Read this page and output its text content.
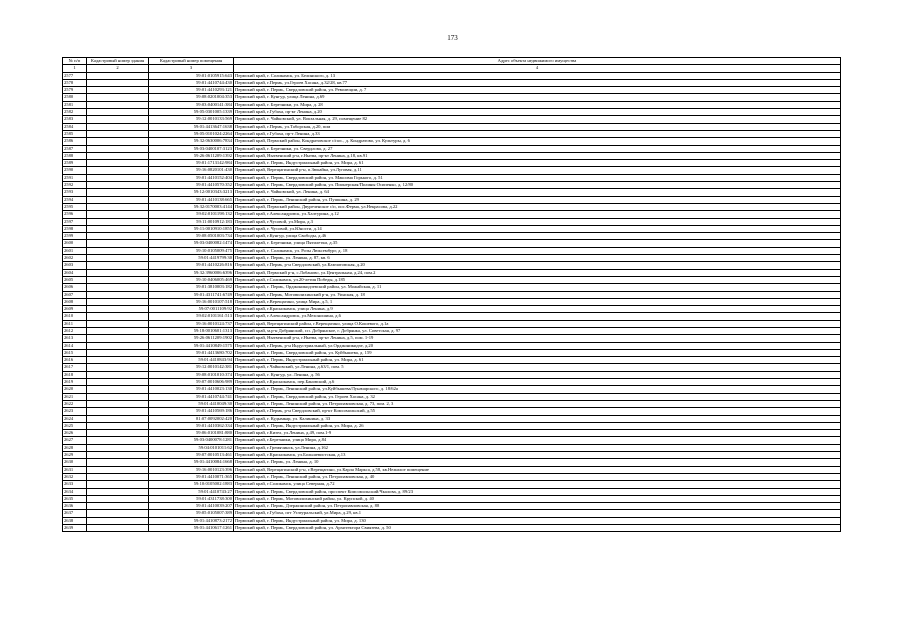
173
№ п/п	Кадастровый номер здания	Кадастровый номер помещения	Адрес объекта недвижимого имущества
1	2	3	4
2577		59:01:0105915:643	Пермский край, г. Соликамск, ул. Белинского, д. 13
2578		59:01:4410744:430	Пермский край, г.Пермь, ул.Героев Хасана, д.32/28, кв.77
2579		59:01:4410293:121	Пермский край, г. Пермь, Свердловский район, ул. Революции, д. 7
2580		59:08:0201004:353	Пермский край, г. Кунгур, улица Ленина, д.69
2581		59:03:0400141:384	Пермский край, г. Березники, ул. Мира, д. 28
2582		59:05:0301005:1339	Пермский край, г.Губаха, пр-кт Ленина, д.20
2583		59:12:0010133:569	Пермский край, г. Чайковский, ул. Вокзальная, д. 29, помещение 82
2584		59:01:4413647:1638	Пермский край, г.Пермь, ул.Таборская, д.20, пом
2585		59:05:0101024:2264	Пермский край, г.Губаха, пр-т Ленина, д.33
2586		59:32:0630006:7834	Пермский край, Пермский район, Кондратовское с/пос., д. Кондратово, ул. Культуры, д. 6
2587		59:03:0400107:3123	Пермский край, г. Березники, ул. Свердлова, д. 27
2588		59:26:0611209:1392	Пермский край, Нытвенский р-н, г.Нытва, пр-кт Ленина, д.18, кв.91
2589		59:01:1713142:984	Пермский край, г. Пермь, Индустриальный район, ул. Мира, д. 61
2590		59:16:0820101:430	Пермский край, Верещагинский р-н, п.Зюкайка, ул.Луговая, д.11
2591		59:01:4410152:404	Пермский край, г. Пермь, Свердловский район, ул. Максима Горького, д. 51
2592		59:01:4410570:352	Пермский край, г. Пермь, Свердловский район, ул. Пионерская/Полины Осипенко, д. 12/80
2593		59:12:0010343:3213	Пермский край, г. Чайковский, ул. Ленина, д. 64
2594		59:01:4410138:665	Пермский край, г. Пермь, Ленинский район, ул. Пушкина, д. 29
2595		59:32:0170003:4144	Пермский край, Пермский район, Двуреченское с/п, пос.Ферма, ул.Некрасова, д.22
2596		59:02:0101198:132	Пермский край, г.Александровск, ул.Халтурина, д.12
2597		59:11:0010912:183	Пермский край, г.Чусовой, ул.Мира, д.3
2598		59:11:0010910:1855	Пермский край, г. Чусовой, ул.Юности, д.14
2599		59:08:0501003:734	Пермский край, г.Кунгур, улица Свободы, д.46
2600		59:03:0400082:1474	Пермский край, г. Березники, улица Пятилетки, д.35
2601		59:10:0105009:475	Пермский край, г. Соликамск, ул. Розы Люксембург, д. 18
2602		59:01:4419799:30	Пермский край, г. Пермь, ул. Ленина, д. 87, кв. 6
2603		59:01:4410226:816	Пермский край, г.Пермь, р-н Свердловский, ул.Камчатовская, д.20
2604		59:32:3960006:6396	Пермский край, Пермский р-н, с.Лобаново, ул.Центральная, д.24, пом.2
2605		59:10:0406005:469	Пермский край, г.Соликамск, ул.20-летия Победы, д.185
2606		59:01:3810003:182	Пермский край, г. Пермь, Орджоникидзевский район, ул. Можайская, д. 11
2607		59:01:4311741:6749	Пермский край, г.Пермь, Мотовилихинский р-н, ул. Уинская, д. 18
2608		59:16:0010107:518	Пермский край, г.Верещагино, улица Мира, д.5, 1
2609		59:07:0011109:92	Пермский край, г.Краснокамск, улица Ленина, д.9
2610		59:02:0101161:513	Пермский край, г.Александровск, ул.Мехоношина, д.6
2611		59:16:0010124:737	Пермский край, Верещагинский район, г.Верещагино, улица О.Кошевого, д.1а
2612		59:18:0010601:1313	Пермский край, м.р-н Добрянский, г.п. Добрянское, г. Добрянка, ул. Советская, д. 97
2613		59:26:0611209:1902	Пермский край, Нытвенский р-н, г.Нытва, пр-кт Ленина, д.5, пом. 1-19
2614		59:01:4410849:1575	Пермский край, г.Пермь, р-н Индустриальный, ул.Орджоникидзе, д.20
2615		59:01:4413680:702	Пермский край, г. Пермь, Свердловский район, ул. Куйбышева, д. 159
2616		59:01:4410843:94	Пермский край, г. Пермь, Индустриальный район, ул. Мира, д. 61
2617		59:12:0010142:381	Пермский край, г.Чайковский, ул.Ленина, д.63/1, пом. 5
2618		59:08:0101010:374	Пермский край, г. Кунгур, ул. Ленина, д. 56
2619		59:07:0010606:989	Пермский край, г.Краснокамск, пер.Бановский, д.6
2620		59:01:4410023:130	Пермский край, г. Пермь, Ленинский район, ул.Куйбышева/Луначарского, д. 18/62а
2621		59:01:4410744:741	Пермский край, г. Пермь, Свердловский район, ул. Героев Хасана, д. 32
2622		59:01:4410049:30	Пермский край, г. Пермь, Ленинский район, ул. Петропавловская, д. 73, пом. 2, 3
2623		59:01:4410569:186	Пермский край, г.Пермь, р-н Свердловский, пр-кт Комсомольский, д.55
2624		81:07:0092002:420	Пермский край, г. Кудымкар, ул. Калинина, д. 33
2625		59:01:4410362:334	Пермский край, г. Пермь, Индустриальный район, ул. Мира, д. 26
2626		59:06:0101081:880	Пермский край, г.Кизел, ул.Ленина, д.49, пом.1-9
2627		59:03:0400078:1281	Пермский край, г.Березники, улица Мира, д.84
2628		59:04:0101011:62	Пермский край, г.Гремячинск, ул.Ленина, д.162
2629		59:07:0010513:461	Пермский край, г.Краснокамск, ул.Большевистская, д.13
2630		59:01:4410084:1668	Пермский край, г. Пермь, ул. Ленина, д. 10
2631		59:16:0010123:396	Пермский край, Верещагинский р-н, г.Верещагино, ул.Карла Маркса, д.58, кв.Нежилое помещение
2632		59:01:4410071:365	Пермский край, г. Пермь, Ленинский район, ул. Петропавловская, д. 40
2633		59:10:0105002:1883	Пермский край, г.Соликамск, улица Северная, д.72
2634		59:01:4410743:27	Пермский край, г. Пермь, Свердловский район, проспект Комсомольский/Чкалова, д. 89/23
2635		59:01:4311738:300	Пермский край, г. Пермь, Мотовилихинский район, ул. Крупской, д. 40
2636		59:01:4410039:207	Пермский край, г. Пермь, Дзержинский район, ул. Петропавловская, д. 88
2637		59:05:0105007:389	Пермский край, г.Губаха, пгт Углеуральский, ул.Мира, д.29, кв.1
2638		59:01:4410873:2172	Пермский край, г. Пермь, Индустриальный район, ул. Мира, д. 130
2639		59:01:4410617:1261	Пермский край, г. Пермь, Свердловский район, ул. Архитектора Свиязева, д. 50
